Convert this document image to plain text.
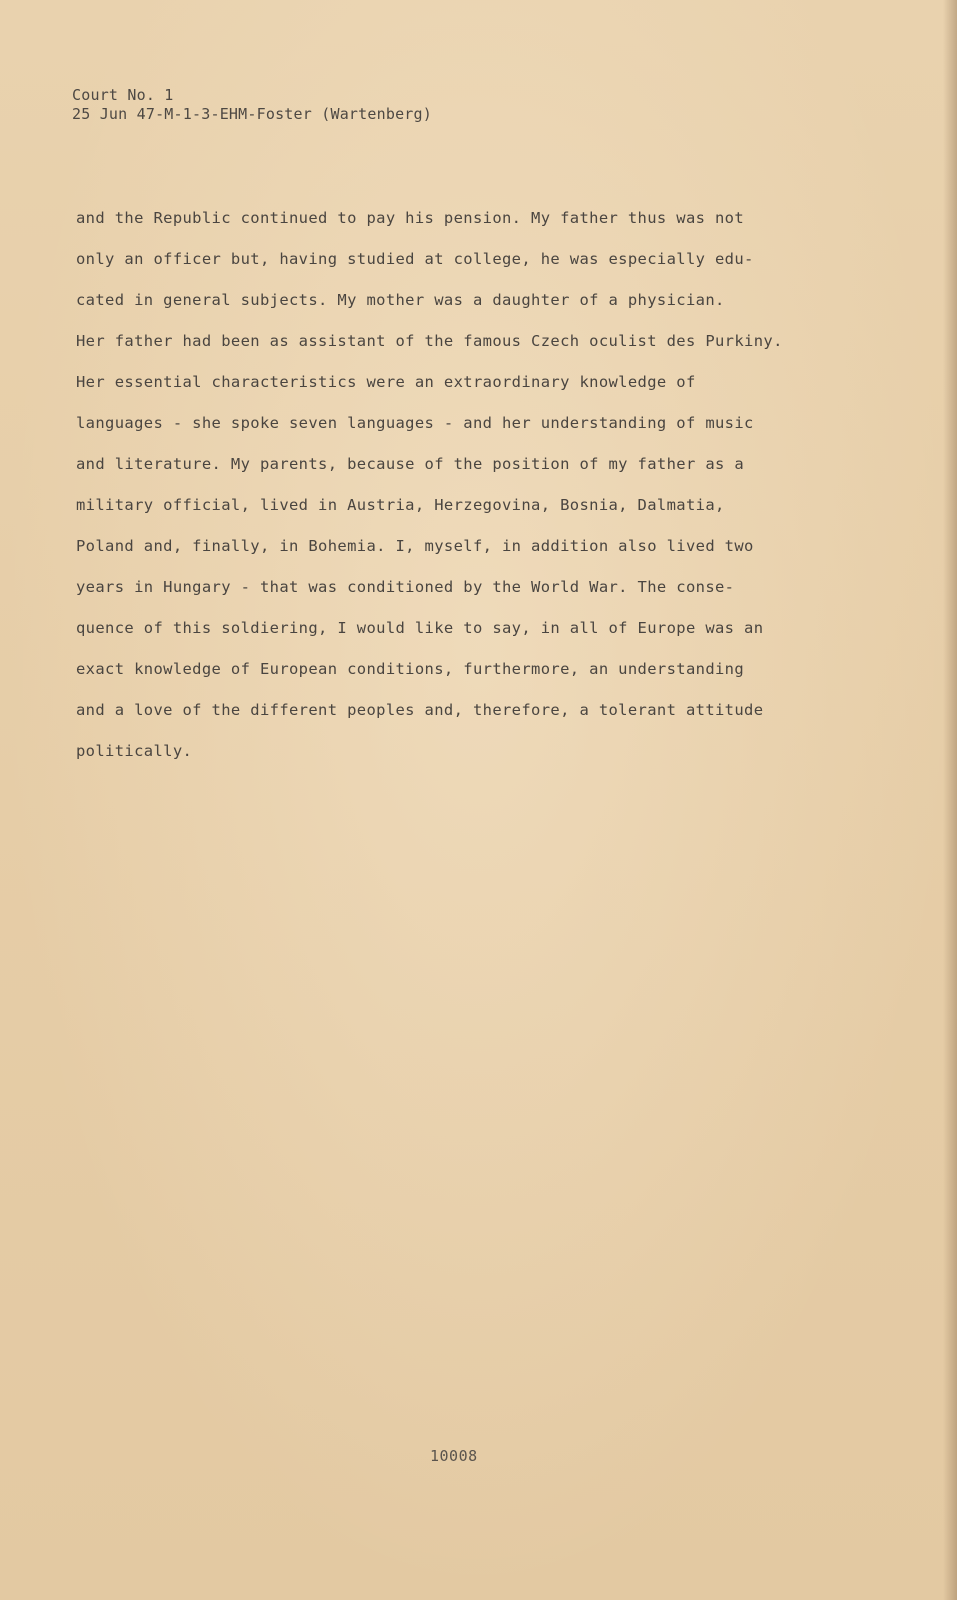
Court No. 1
25 Jun 47-M-1-3-EHM-Foster (Wartenberg)
and the Republic continued to pay his pension. My father thus was not
only an officer but, having studied at college, he was especially edu-
cated in general subjects. My mother was a daughter of a physician.
Her father had been as assistant of the famous Czech oculist des Purkiny.
Her essential characteristics were an extraordinary knowledge of
languages - she spoke seven languages - and her understanding of music
and literature. My parents, because of the position of my father as a
military official, lived in Austria, Herzegovina, Bosnia, Dalmatia,
Poland and, finally, in Bohemia. I, myself, in addition also lived two
years in Hungary - that was conditioned by the World War. The conse-
quence of this soldiering, I would like to say, in all of Europe was an
exact knowledge of European conditions, furthermore, an understanding
and a love of the different peoples and, therefore, a tolerant attitude
politically.
10008
